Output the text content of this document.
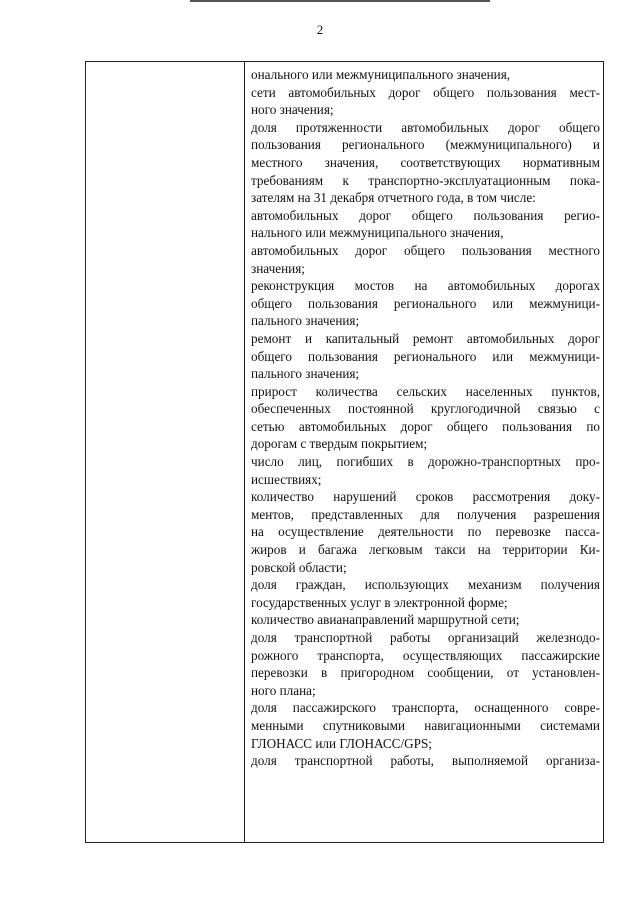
2
онального или межмуниципального значения,
сети автомобильных дорог общего пользования мест-
ного значения;
доля протяженности автомобильных дорог общего
пользования регионального (межмуниципального) и
местного значения, соответствующих нормативным
требованиям к транспортно-эксплуатационным пока-
зателям на 31 декабря отчетного года, в том числе:
автомобильных дорог общего пользования регио-
нального или межмуниципального значения,
автомобильных дорог общего пользования местного
значения;
реконструкция мостов на автомобильных дорогах
общего пользования регионального или межмуници-
пального значения;
ремонт и капитальный ремонт автомобильных дорог
общего пользования регионального или межмуници-
пального значения;
прирост количества сельских населенных пунктов,
обеспеченных постоянной круглогодичной связью с
сетью автомобильных дорог общего пользования по
дорогам с твердым покрытием;
число лиц, погибших в дорожно-транспортных про-
исшествиях;
количество нарушений сроков рассмотрения доку-
ментов, представленных для получения разрешения
на осуществление деятельности по перевозке пасса-
жиров и багажа легковым такси на территории Ки-
ровской области;
доля граждан, использующих механизм получения
государственных услуг в электронной форме;
количество авианаправлений маршрутной сети;
доля транспортной работы организаций железнодо-
рожного транспорта, осуществляющих пассажирские
перевозки в пригородном сообщении, от установлен-
ного плана;
доля пассажирского транспорта, оснащенного совре-
менными спутниковыми навигационными системами
ГЛОНАСС или ГЛОНАСС/GPS;
доля транспортной работы, выполняемой организа-
